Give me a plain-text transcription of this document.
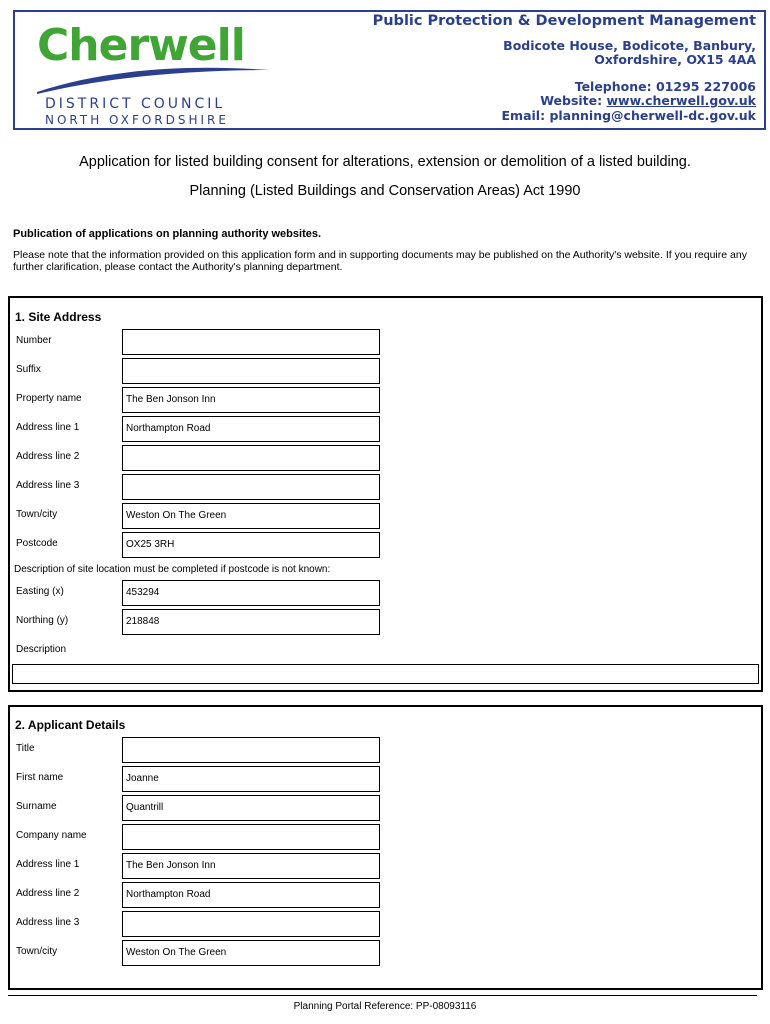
Cherwell
DISTRICT COUNCIL
NORTH OXFORDSHIRE
Public Protection & Development Management
Bodicote House, Bodicote, Banbury,
Oxfordshire, OX15 4AA
Telephone: 01295 227006
Website: www.cherwell.gov.uk
Email: planning@cherwell-dc.gov.uk
Application for listed building consent for alterations, extension or demolition of a listed building.
Planning (Listed Buildings and Conservation Areas) Act 1990
Publication of applications on planning authority websites.
Please note that the information provided on this application form and in supporting documents may be published on the Authority's website. If you require any further clarification, please contact the Authority's planning department.
1. Site Address
Number
Suffix
Property name	The Ben Jonson Inn
Address line 1	Northampton Road
Address line 2
Address line 3
Town/city	Weston On The Green
Postcode	OX25 3RH
Description of site location must be completed if postcode is not known:
Easting (x)	453294
Northing (y)	218848
Description
2. Applicant Details
Title
First name	Joanne
Surname	Quantrill
Company name
Address line 1	The Ben Jonson Inn
Address line 2	Northampton Road
Address line 3
Town/city	Weston On The Green
Planning Portal Reference: PP-08093116
